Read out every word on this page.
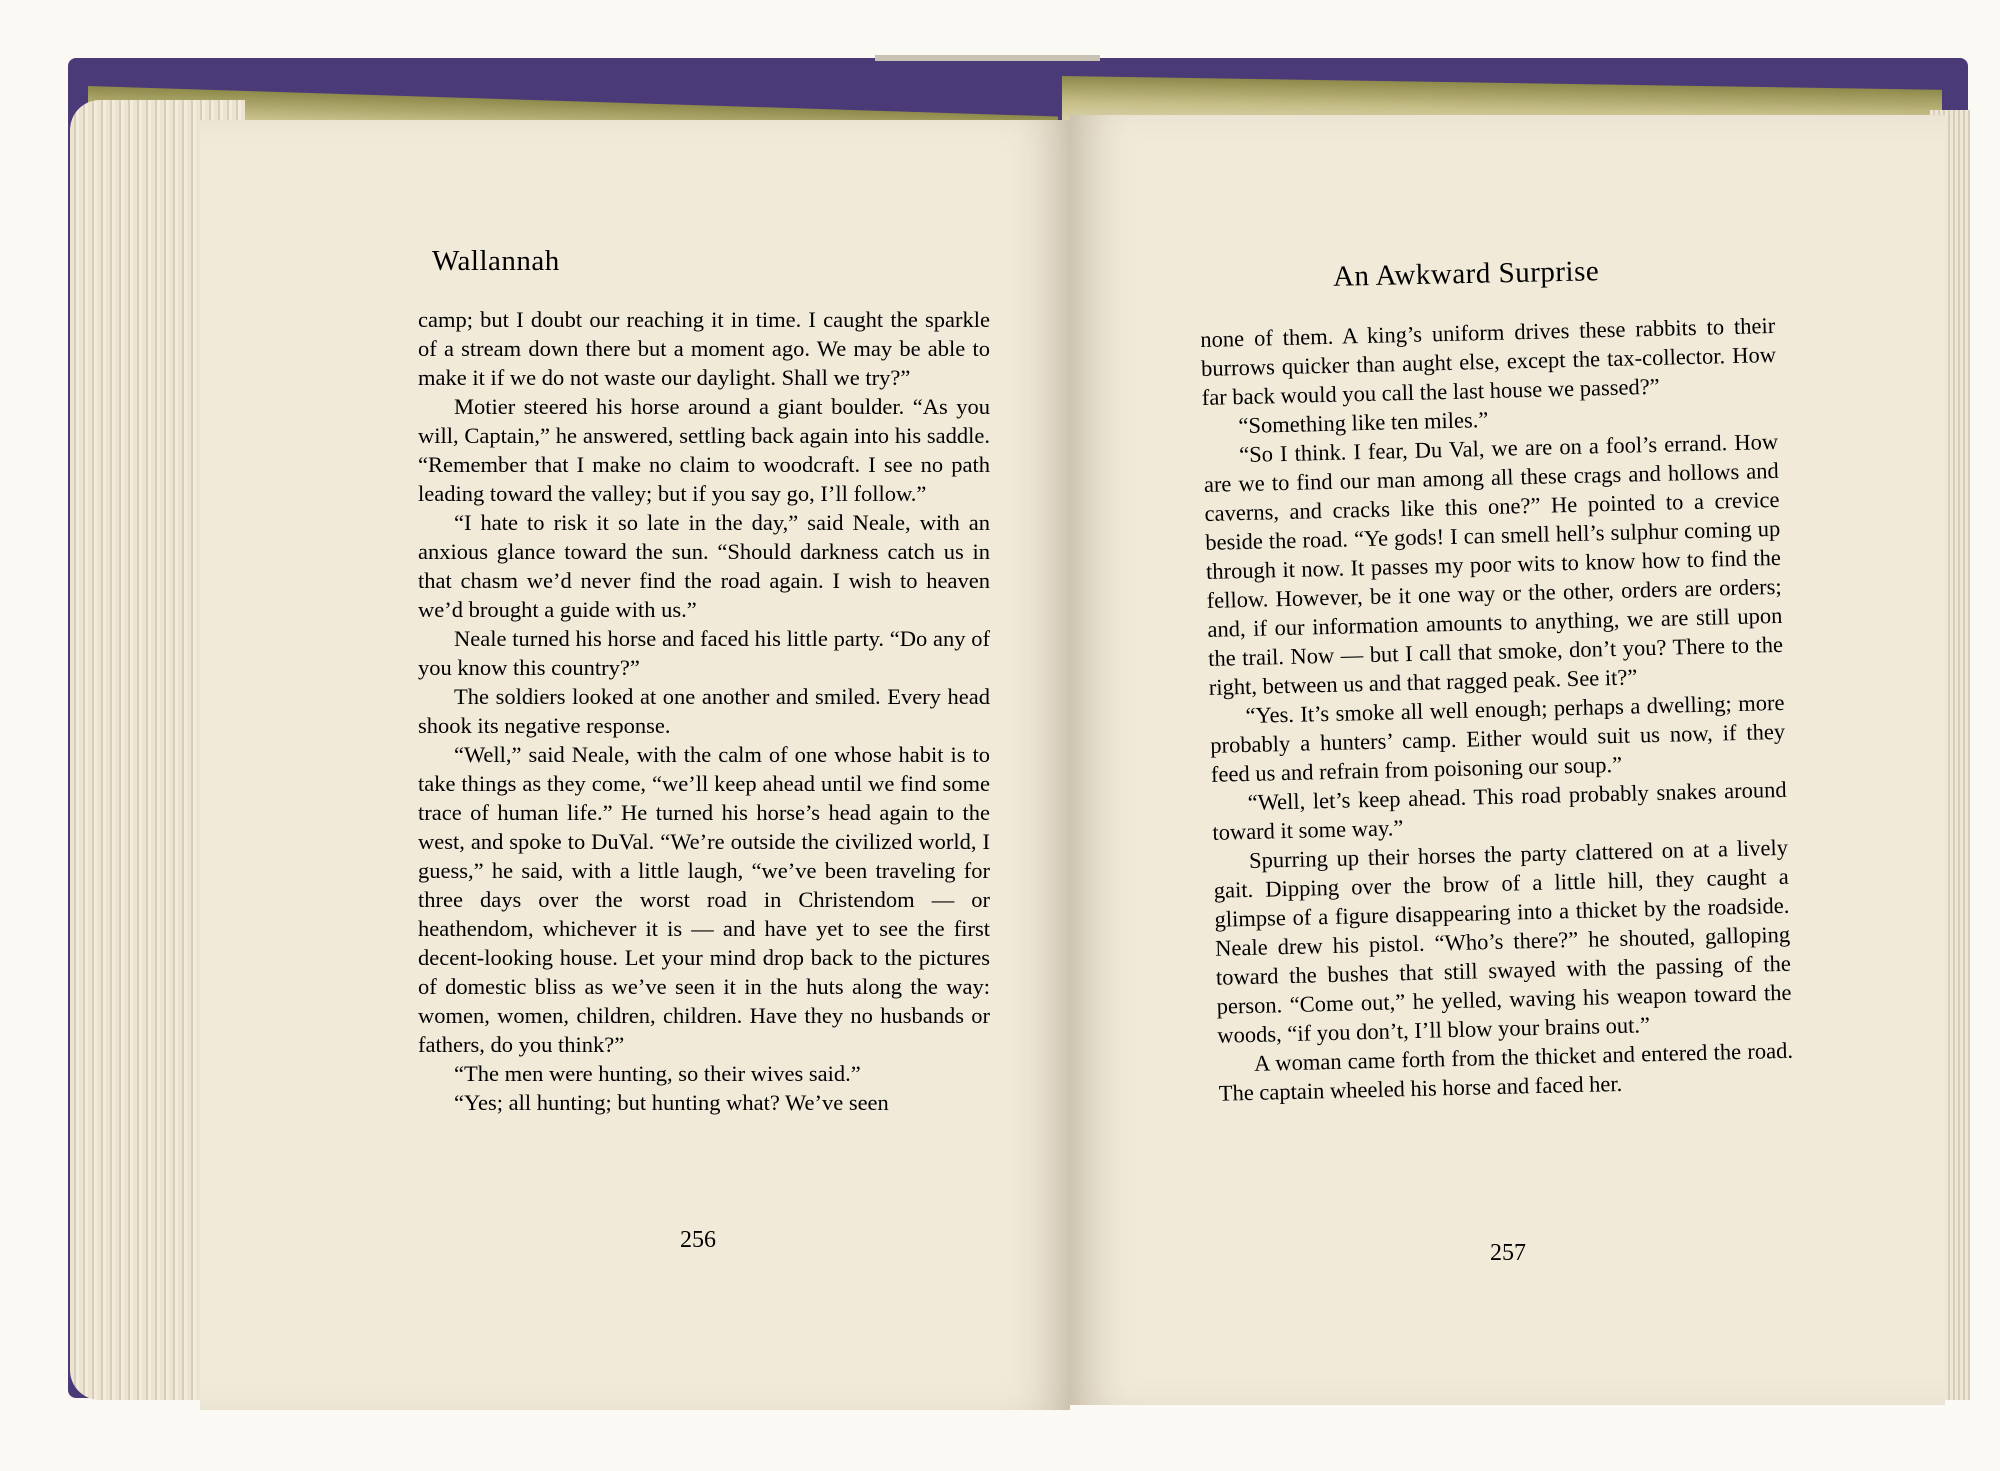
Wallannah	An Awkward Surprise

camp; but I doubt our reaching it in time. I caught the sparkle of a stream down there but a moment ago. We may be able to make it if we do not waste our daylight. Shall we try?”

Motier steered his horse around a giant boulder. “As you will, Captain,” he answered, settling back again into his saddle. “Remember that I make no claim to woodcraft. I see no path leading toward the valley; but if you say go, I’ll follow.”

“I hate to risk it so late in the day,” said Neale, with an anxious glance toward the sun. “Should darkness catch us in that chasm we’d never find the road again. I wish to heaven we’d brought a guide with us.”

Neale turned his horse and faced his little party. “Do any of you know this country?”

The soldiers looked at one another and smiled. Every head shook its negative response.

“Well,” said Neale, with the calm of one whose habit is to take things as they come, “we’ll keep ahead until we find some trace of human life.” He turned his horse’s head again to the west, and spoke to DuVal. “We’re outside the civilized world, I guess,” he said, with a little laugh, “we’ve been traveling for three days over the worst road in Christendom — or heathendom, whichever it is — and have yet to see the first decent-looking house. Let your mind drop back to the pictures of domestic bliss as we’ve seen it in the huts along the way: women, women, children, children. Have they no husbands or fathers, do you think?”

“The men were hunting, so their wives said.”

“Yes; all hunting; but hunting what? We’ve seen

none of them. A king’s uniform drives these rabbits to their burrows quicker than aught else, except the tax-collector. How far back would you call the last house we passed?”

“Something like ten miles.”

“So I think. I fear, Du Val, we are on a fool’s errand. How are we to find our man among all these crags and hollows and caverns, and cracks like this one?” He pointed to a crevice beside the road. “Ye gods! I can smell hell’s sulphur coming up through it now. It passes my poor wits to know how to find the fellow. However, be it one way or the other, orders are orders; and, if our information amounts to anything, we are still upon the trail. Now — but I call that smoke, don’t you? There to the right, between us and that ragged peak. See it?”

“Yes. It’s smoke all well enough; perhaps a dwelling; more probably a hunters’ camp. Either would suit us now, if they feed us and refrain from poisoning our soup.”

“Well, let’s keep ahead. This road probably snakes around toward it some way.”

Spurring up their horses the party clattered on at a lively gait. Dipping over the brow of a little hill, they caught a glimpse of a figure disappearing into a thicket by the roadside. Neale drew his pistol. “Who’s there?” he shouted, galloping toward the bushes that still swayed with the passing of the person. “Come out,” he yelled, waving his weapon toward the woods, “if you don’t, I’ll blow your brains out.”

A woman came forth from the thicket and entered the road. The captain wheeled his horse and faced her.

256	257
